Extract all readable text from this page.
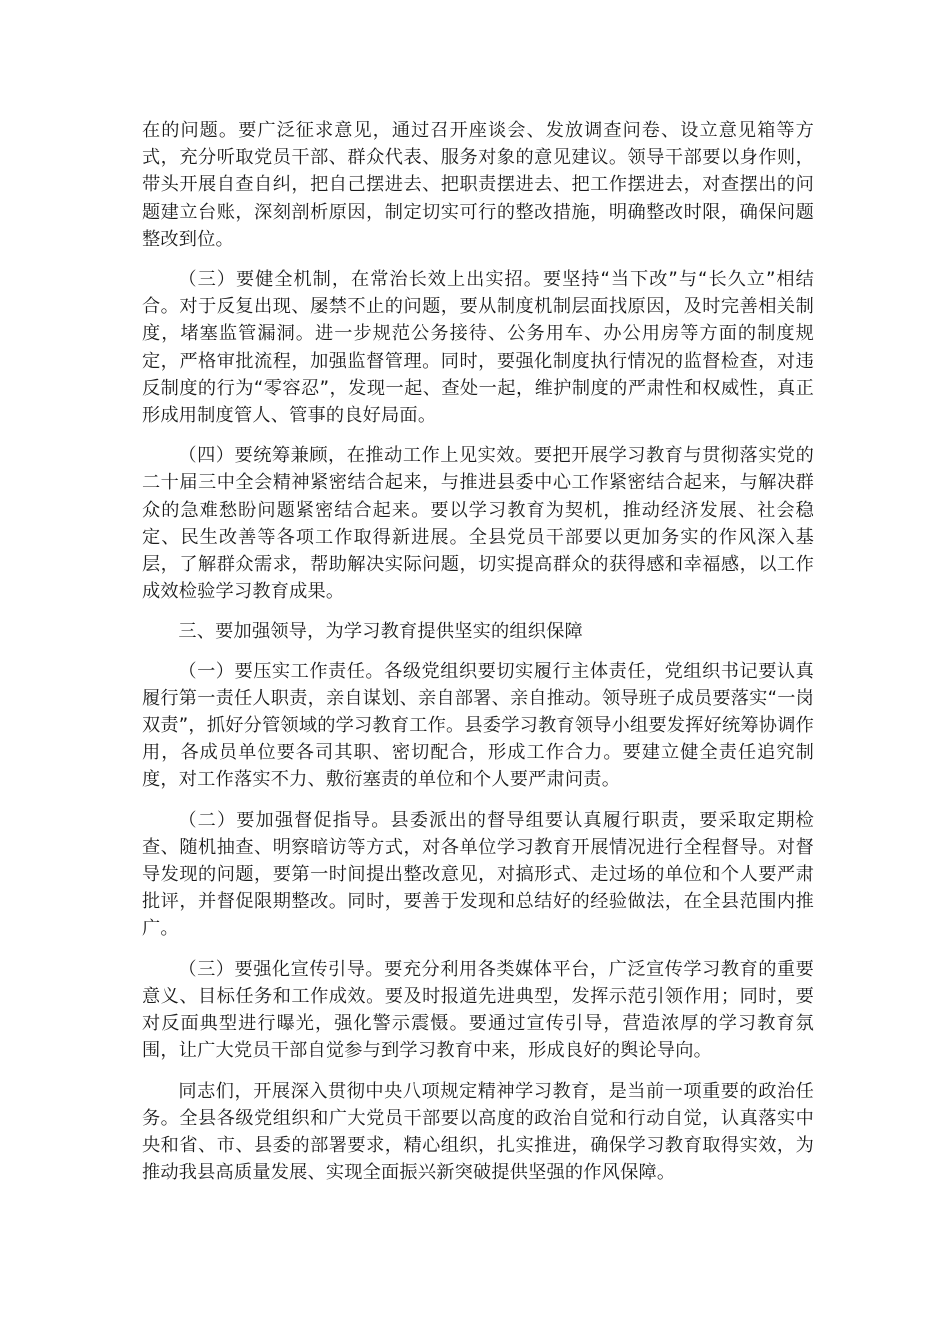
在的问题。要广泛征求意见，通过召开座谈会、发放调查问卷、设立意见箱等方式，充分听取党员干部、群众代表、服务对象的意见建议。领导干部要以身作则，带头开展自查自纠，把自己摆进去、把职责摆进去、把工作摆进去，对查摆出的问题建立台账，深刻剖析原因，制定切实可行的整改措施，明确整改时限，确保问题整改到位。

（三）要健全机制，在常治长效上出实招。要坚持“当下改”与“长久立”相结合。对于反复出现、屡禁不止的问题，要从制度机制层面找原因，及时完善相关制度，堵塞监管漏洞。进一步规范公务接待、公务用车、办公用房等方面的制度规定，严格审批流程，加强监督管理。同时，要强化制度执行情况的监督检查，对违反制度的行为“零容忍”，发现一起、查处一起，维护制度的严肃性和权威性，真正形成用制度管人、管事的良好局面。

（四）要统筹兼顾，在推动工作上见实效。要把开展学习教育与贯彻落实党的二十届三中全会精神紧密结合起来，与推进县委中心工作紧密结合起来，与解决群众的急难愁盼问题紧密结合起来。要以学习教育为契机，推动经济发展、社会稳定、民生改善等各项工作取得新进展。全县党员干部要以更加务实的作风深入基层，了解群众需求，帮助解决实际问题，切实提高群众的获得感和幸福感，以工作成效检验学习教育成果。

三、要加强领导，为学习教育提供坚实的组织保障

（一）要压实工作责任。各级党组织要切实履行主体责任，党组织书记要认真履行第一责任人职责，亲自谋划、亲自部署、亲自推动。领导班子成员要落实“一岗双责”，抓好分管领域的学习教育工作。县委学习教育领导小组要发挥好统筹协调作用，各成员单位要各司其职、密切配合，形成工作合力。要建立健全责任追究制度，对工作落实不力、敷衍塞责的单位和个人要严肃问责。

（二）要加强督促指导。县委派出的督导组要认真履行职责，要采取定期检查、随机抽查、明察暗访等方式，对各单位学习教育开展情况进行全程督导。对督导发现的问题，要第一时间提出整改意见，对搞形式、走过场的单位和个人要严肃批评，并督促限期整改。同时，要善于发现和总结好的经验做法，在全县范围内推广。

（三）要强化宣传引导。要充分利用各类媒体平台，广泛宣传学习教育的重要意义、目标任务和工作成效。要及时报道先进典型，发挥示范引领作用；同时，要对反面典型进行曝光，强化警示震慑。要通过宣传引导，营造浓厚的学习教育氛围，让广大党员干部自觉参与到学习教育中来，形成良好的舆论导向。

同志们，开展深入贯彻中央八项规定精神学习教育，是当前一项重要的政治任务。全县各级党组织和广大党员干部要以高度的政治自觉和行动自觉，认真落实中央和省、市、县委的部署要求，精心组织，扎实推进，确保学习教育取得实效，为推动我县高质量发展、实现全面振兴新突破提供坚强的作风保障。
